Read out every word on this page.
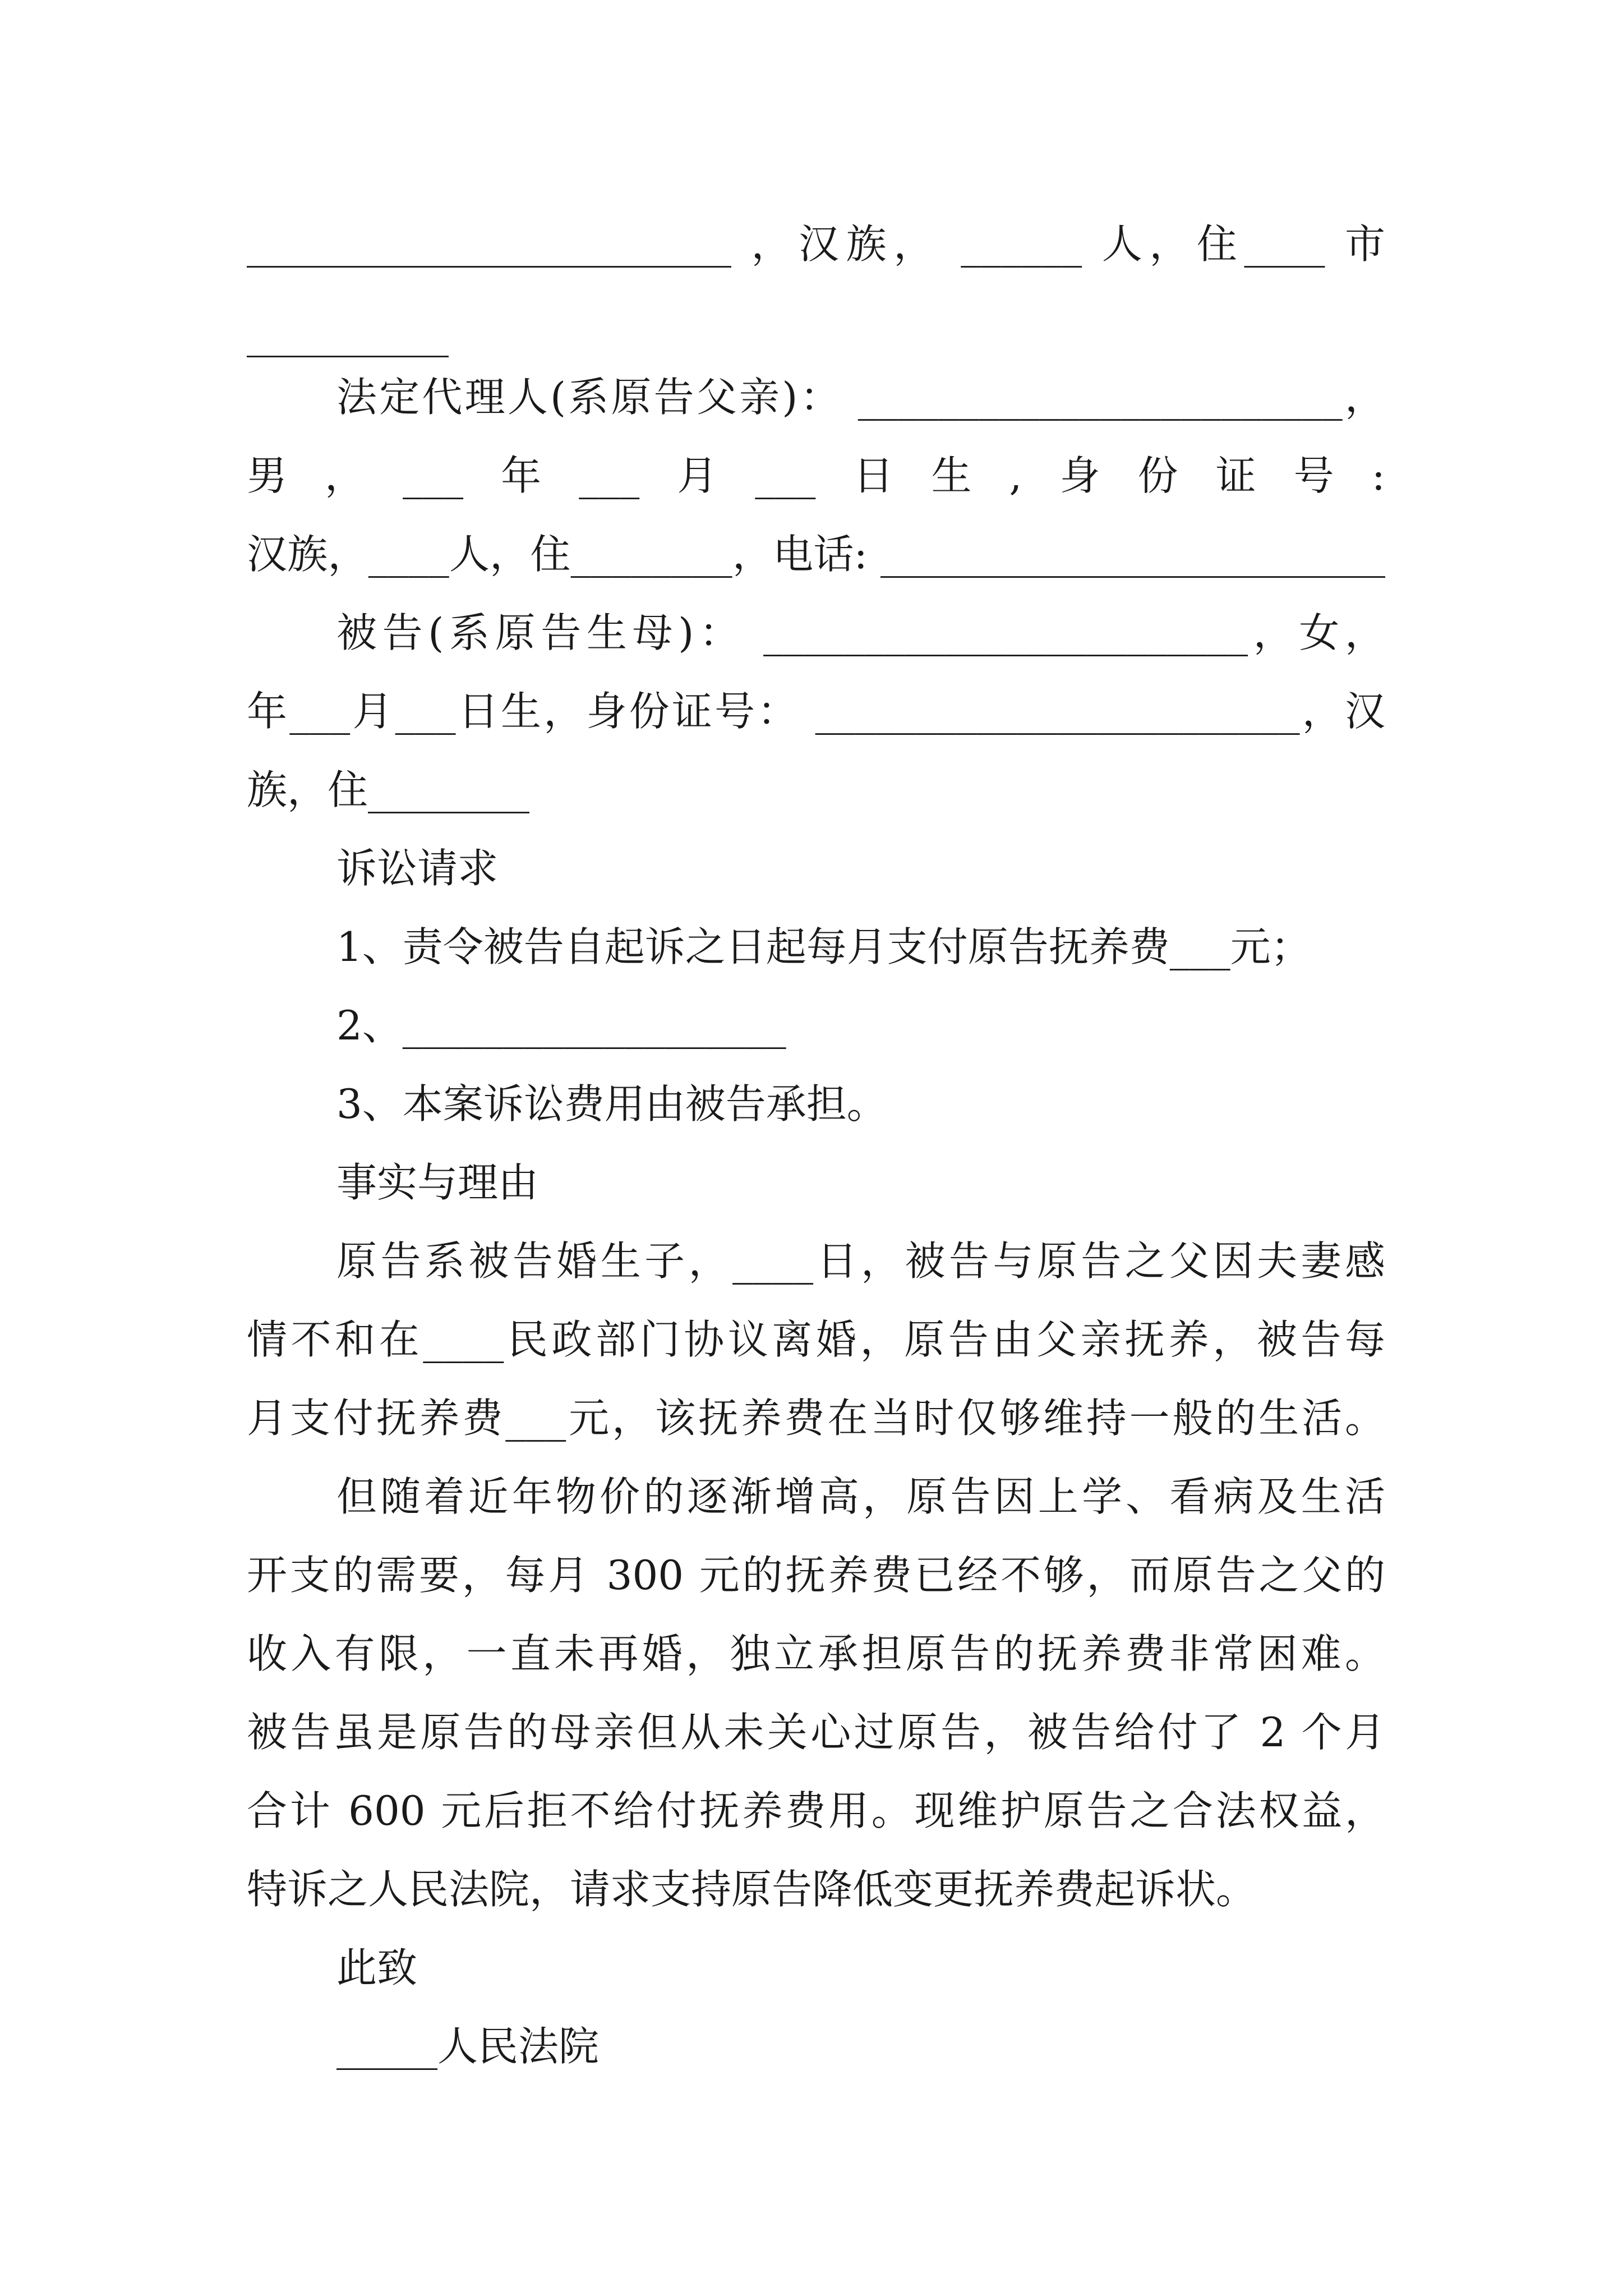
________________________ ，汉族， ______ 人，住____ 市
__________
法定代理人(系原告父亲)： ________________________，
男，___年___月___日生,身份证号:
汉族，____人，住________，电话: _________________________
被告(系原告生母)： ________________________，女，
年___月___日生，身份证号： ________________________，汉
族，住________
诉讼请求
1、责令被告自起诉之日起每月支付原告抚养费___元；
2、___________________
3、本案诉讼费用由被告承担。
事实与理由
原告系被告婚生子，____日，被告与原告之父因夫妻感
情不和在____民政部门协议离婚，原告由父亲抚养，被告每
月支付抚养费___元，该抚养费在当时仅够维持一般的生活。
但随着近年物价的逐渐增高，原告因上学、看病及生活
开支的需要，每月 300 元的抚养费已经不够，而原告之父的
收入有限，一直未再婚，独立承担原告的抚养费非常困难。
被告虽是原告的母亲但从未关心过原告，被告给付了 2 个月
合计 600 元后拒不给付抚养费用。现维护原告之合法权益，
特诉之人民法院，请求支持原告降低变更抚养费起诉状。
此致
_____人民法院
